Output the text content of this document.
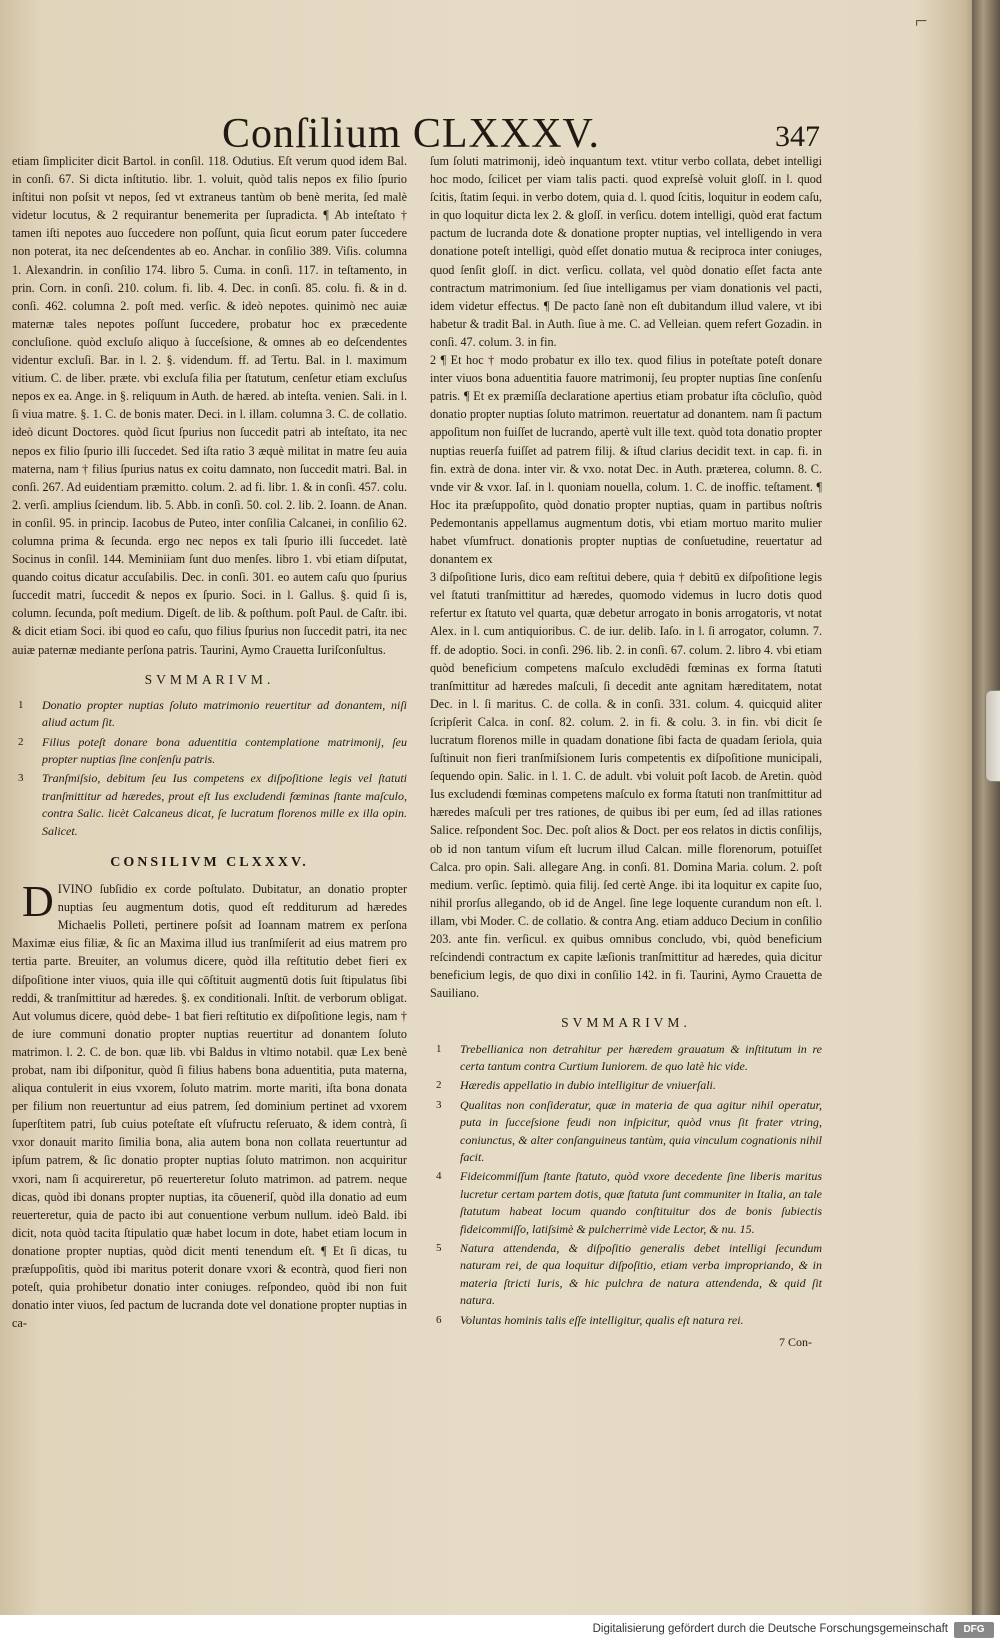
⌐
Conſilium CLXXXV.	347

etiam ſimpliciter dicit Bartol. in conſil. 118. Odutius. Eſt verum quod idem Bal. in conſi. 67. Si dicta inſtitutio. libr. 1. voluit, quòd talis nepos ex filio ſpurio inſtitui non poſsit vt nepos, ſed vt extraneus tantùm ob benè merita, ſed malè videtur locutus, & 2 requirantur benemerita per ſupradicta. ¶ Ab inteſtato † tamen iſti nepotes auo ſuccedere non poſſunt, quia ſicut eorum pater ſuccedere non poterat, ita nec deſcendentes ab eo. Anchar. in conſilio 389. Viſis. columna 1. Alexandrin. in conſilio 174. libro 5. Cuma. in conſi. 117. in teſtamento, in prin. Corn. in conſi. 210. colum. fi. lib. 4. Dec. in conſi. 85. colu. fi. & in d. conſi. 462. columna 2. poſt med. verſic. & ideò nepotes. quinimò nec auiæ maternæ tales nepotes poſſunt ſuccedere, probatur hoc ex præcedente concluſione. quòd excluſo aliquo à ſucceſsione, & omnes ab eo deſcendentes videntur excluſi. Bar. in l. 2. §. videndum. ff. ad Tertu. Bal. in l. maximum vitium. C. de liber. præte. vbi excluſa filia per ſtatutum, cenſetur etiam excluſus nepos ex ea. Ange. in §. reliquum in Auth. de hæred. ab inteſta. venien. Sali. in l. ſi viua matre. §. 1. C. de bonis mater. Deci. in l. illam. columna 3. C. de collatio. ideò dicunt Doctores. quòd ſicut ſpurius non ſuccedit patri ab inteſtato, ita nec nepos ex filio ſpurio illi ſuccedet. Sed iſta ratio 3 æquè militat in matre ſeu auia materna, nam † filius ſpurius natus ex coitu damnato, non ſuccedit matri. Bal. in conſi. 267. Ad euidentiam præmitto. colum. 2. ad fi. libr. 1. & in conſi. 457. colu. 2. verſi. amplius ſciendum. lib. 5. Abb. in conſi. 50. col. 2. lib. 2. Ioann. de Anan. in conſil. 95. in princip. Iacobus de Puteo, inter conſilia Calcanei, in conſilio 62. columna prima & ſecunda. ergo nec nepos ex tali ſpurio illi ſuccedet. latè Socinus in conſil. 144. Meminiiam ſunt duo menſes. libro 1. vbi etiam diſputat, quando coitus dicatur accuſabilis. Dec. in conſi. 301. eo autem caſu quo ſpurius ſuccedit matri, ſuccedit & nepos ex ſpurio. Soci. in l. Gallus. §. quid ſi is, column. ſecunda, poſt medium. Digeſt. de lib. & poſthum. poſt Paul. de Caſtr. ibi. & dicit etiam Soci. ibi quod eo caſu, quo filius ſpurius non ſuccedit patri, ita nec auiæ paternæ mediante perſona patris. Taurini, Aymo Crauetta Iuriſconſultus.

SVMMARIVM.
1 Donatio propter nuptias ſoluto matrimonio reuertitur ad donantem, niſi aliud actum ſit.
2 Filius poteſt donare bona aduentitia contemplatione matrimonij, ſeu propter nuptias ſine conſenſu patris.
3 Tranſmiſsio, debitum ſeu Ius competens ex diſpoſitione legis vel ſtatuti tranſmittitur ad hæredes, prout eſt Ius excludendi fœminas ſtante maſculo, contra Salic. licèt Calcaneus dicat, ſe lucratum florenos mille ex illa opin. Salicet.
CONSILIVM CLXXXV.

DIVINO ſubſidio ex corde poſtulato. Dubitatur, an donatio propter nuptias ſeu augmentum dotis, quod eſt redditurum ad hæredes Michaelis Polleti, pertinere poſsit ad Ioannam matrem ex perſona Maximæ eius filiæ, & ſic an Maxima illud ius tranſmiſerit ad eius matrem pro tertia parte. Breuiter, an volumus dicere, quòd illa reſtitutio debet fieri ex diſpoſitione inter viuos, quia ille qui cōſtituit augmentū dotis ſuit ſtipulatus ſibi reddi, & tranſmittitur ad hæredes. §. ex conditionali. Inſtit. de verborum obligat. Aut volumus dicere, quòd debe- 1 bat fieri reſtitutio ex diſpoſitione legis, nam † de iure communi donatio propter nuptias reuertitur ad donantem ſoluto matrimon. l. 2. C. de bon. quæ lib. vbi Baldus in vltimo notabil. quæ Lex benè probat, nam ibi diſponitur, quòd ſi filius habens bona aduentitia, puta materna, aliqua contulerit in eius vxorem, ſoluto matrim. morte mariti, iſta bona donata per filium non reuertuntur ad eius patrem, ſed dominium pertinet ad vxorem ſuperſtitem patri, ſub cuius poteſtate eſt vſufructu reſeruato, & idem contrà, ſi vxor donauit marito ſimilia bona, alia autem bona non collata reuertuntur ad ipſum patrem, & ſic donatio propter nuptias ſoluto matrimon. non acquiritur vxori, nam ſi acquireretur, pō reuerteretur ſoluto matrimon. ad patrem. neque dicas, quòd ibi donans propter nuptias, ita cōueneriſ, quòd illa donatio ad eum reuerteretur, quia de pacto ibi aut conuentione verbum nullum. ideò Bald. ibi dicit, nota quòd tacita ſtipulatio quæ habet locum in dote, habet etiam locum in donatione propter nuptias, quòd dicit menti tenendum eſt. ¶ Et ſi dicas, tu præſuppoſitis, quòd ibi maritus poterit donare vxori & econtrà, quod fieri non poteſt, quia prohibetur donatio inter coniuges. reſpondeo, quòd ibi non fuit donatio inter viuos, ſed pactum de lucranda dote vel donatione propter nuptias in ca-

ſum ſoluti matrimonij, ideò inquantum text. vtitur verbo collata, debet intelligi hoc modo, ſcilicet per viam talis pacti. quod expreſsè voluit gloſſ. in l. quod ſcitis, ſtatim ſequi. in verbo dotem, quia d. l. quod ſcitis, loquitur in eodem caſu, in quo loquitur dicta lex 2. & gloſſ. in verſicu. dotem intelligi, quòd erat factum pactum de lucranda dote & donatione propter nuptias, vel intelligendo in vera donatione poteſt intelligi, quòd eſſet donatio mutua & reciproca inter coniuges, quod ſenſit gloſſ. in dict. verſicu. collata, vel quòd donatio eſſet facta ante contractum matrimonium. ſed ſiue intelligamus per viam donationis vel pacti, idem videtur effectus. ¶ De pacto ſanè non eſt dubitandum illud valere, vt ibi habetur & tradit Bal. in Auth. ſiue à me. C. ad Velleian. quem refert Gozadin. in conſi. 47. colum. 3. in fin.

2 ¶ Et hoc † modo probatur ex illo tex. quod filius in poteſtate poteſt donare inter viuos bona aduentitia fauore matrimonij, ſeu propter nuptias ſine conſenſu patris. ¶ Et ex præmiſſa declaratione apertius etiam probatur iſta cōcluſio, quòd donatio propter nuptias ſoluto matrimon. reuertatur ad donantem. nam ſi pactum appoſitum non fuiſſet de lucrando, apertè vult ille text. quòd tota donatio propter nuptias reuerſa fuiſſet ad patrem filij. & iſtud clarius decidit text. in cap. fi. in fin. extrà de dona. inter vir. & vxo. notat Dec. in Auth. præterea, column. 8. C. vnde vir & vxor. Iaſ. in l. quoniam nouella, colum. 1. C. de inoffic. teſtament. ¶ Hoc ita præſuppoſito, quòd donatio propter nuptias, quam in partibus noſtris Pedemontanis appellamus augmentum dotis, vbi etiam mortuo marito mulier habet vſumfruct. donationis propter nuptias de conſuetudine, reuertatur ad donantem ex

3 diſpoſitione Iuris, dico eam reſtitui debere, quia † debitū ex diſpoſitione legis vel ſtatuti tranſmittitur ad hæredes, quomodo videmus in lucro dotis quod refertur ex ſtatuto vel quarta, quæ debetur arrogato in bonis arrogatoris, vt notat Alex. in l. cum antiquioribus. C. de iur. delib. Iaſo. in l. ſi arrogator, column. 7. ff. de adoptio. Soci. in conſi. 296. lib. 2. in conſi. 67. colum. 2. libro 4. vbi etiam quòd beneficium competens maſculo excludēdi fœminas ex forma ſtatuti tranſmittitur ad hæredes maſculi, ſi decedit ante agnitam hæreditatem, notat Dec. in l. ſi maritus. C. de colla. & in conſi. 331. colum. 4. quicquid aliter ſcripſerit Calca. in conſ. 82. colum. 2. in fi. & colu. 3. in fin. vbi dicit ſe lucratum florenos mille in quadam donatione ſibi facta de quadam ſeriola, quia ſuſtinuit non fieri tranſmiſsionem Iuris competentis ex diſpoſitione municipali, ſequendo opin. Salic. in l. 1. C. de adult. vbi voluit poſt Iacob. de Aretin. quòd Ius excludendi fœminas competens maſculo ex forma ſtatuti non tranſmittitur ad hæredes maſculi per tres rationes, de quibus ibi per eum, ſed ad illas rationes Salice. reſpondent Soc. Dec. poſt alios & Doct. per eos relatos in dictis conſilijs, ob id non tantum viſum eſt lucrum illud Calcan. mille florenorum, potuiſſet Calca. pro opin. Sali. allegare Ang. in conſi. 81. Domina Maria. colum. 2. poſt medium. verſic. ſeptimò. quia filij. ſed certè Ange. ibi ita loquitur ex capite ſuo, nihil prorſus allegando, ob id de Angel. ſine lege loquente curandum non eſt. l. illam, vbi Moder. C. de collatio. & contra Ang. etiam adduco Decium in conſilio 203. ante fin. verſicul. ex quibus omnibus concludo, vbi, quòd beneficium reſcindendi contractum ex capite læſionis tranſmittitur ad hæredes, quia dicitur beneficium legis, de quo dixi in conſilio 142. in fi. Taurini, Aymo Crauetta de Sauiliano.

SVMMARIVM.
1 Trebellianica non detrahitur per hæredem grauatum & inſtitutum in re certa tantum contra Curtium Iuniorem. de quo latè hic vide.
2 Hæredis appellatio in dubio intelligitur de vniuerſali.
3 Qualitas non conſideratur, quæ in materia de qua agitur nihil operatur, puta in ſucceſsione feudi non inſpicitur, quòd vnus ſit frater vtring, coniunctus, & alter conſanguineus tantùm, quia vinculum cognationis nihil facit.
4 Fideicommiſſum ſtante ſtatuto, quòd vxore decedente ſine liberis maritus lucretur certam partem dotis, quæ ſtatuta ſunt communiter in Italia, an tale ſtatutum habeat locum quando conſtituitur dos de bonis ſubiectis fideicommiſſo, latiſsimè & pulcherrimè vide Lector, & nu. 15.
5 Natura attendenda, & diſpoſitio generalis debet intelligi ſecundum naturam rei, de qua loquitur diſpoſitio, etiam verba impropriando, & in materia ſtricti Iuris, & hic pulchra de natura attendenda, & quid ſit natura.
6 Voluntas hominis talis eſſe intelligitur, qualis eſt natura rei.
7 Con-
Digitalisierung gefördert durch die Deutsche Forschungsgemeinschaft	DFG
